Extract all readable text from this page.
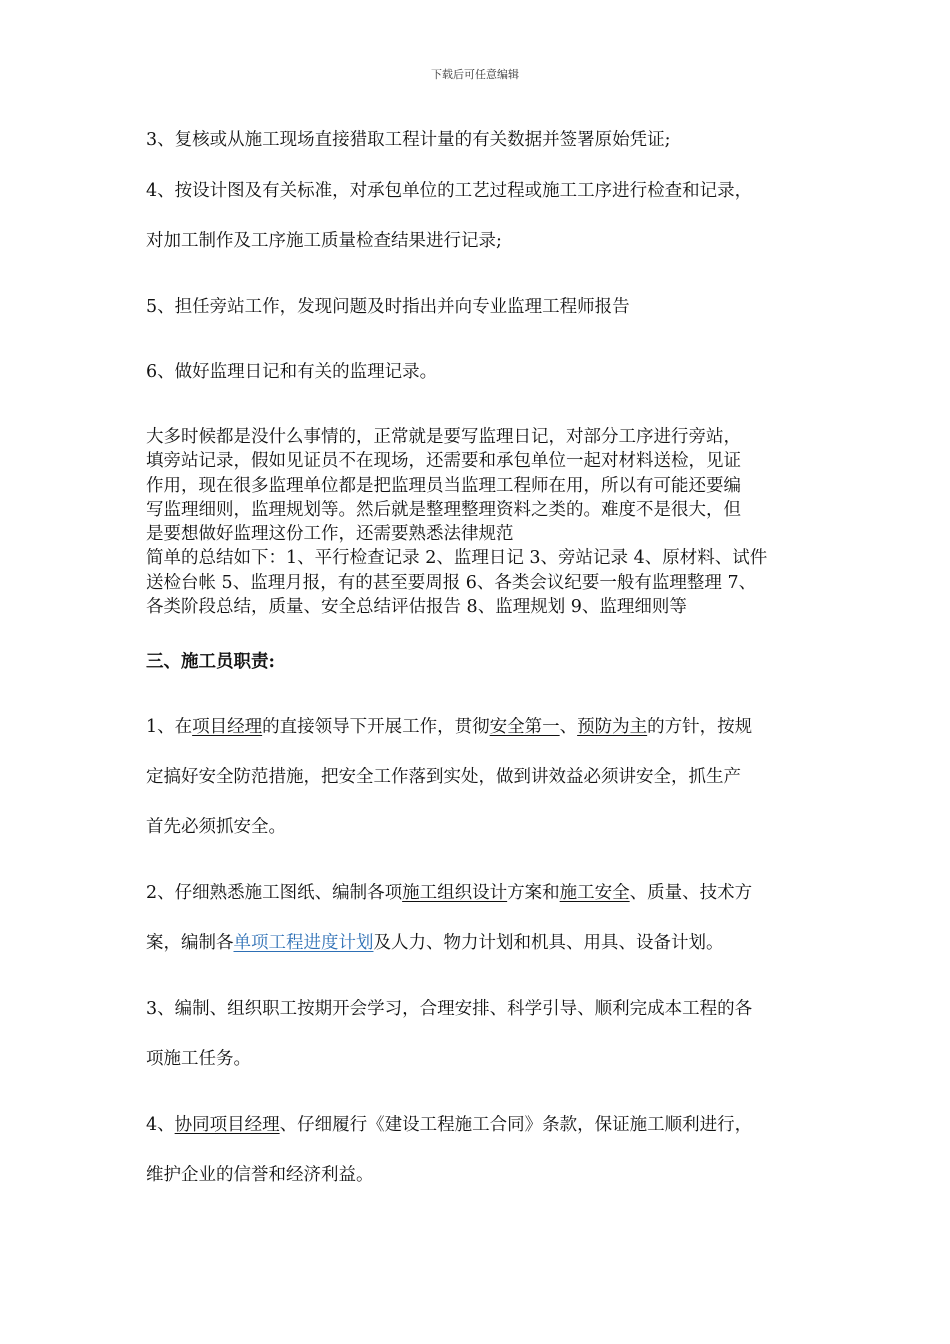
下载后可任意编辑
3、复核或从施工现场直接猎取工程计量的有关数据并签署原始凭证;
4、按设计图及有关标准，对承包单位的工艺过程或施工工序进行检查和记录，
对加工制作及工序施工质量检查结果进行记录;
5、担任旁站工作，发现问题及时指出并向专业监理工程师报告
6、做好监理日记和有关的监理记录。
大多时候都是没什么事情的，正常就是要写监理日记，对部分工序进行旁站，
填旁站记录，假如见证员不在现场，还需要和承包单位一起对材料送检，见证
作用，现在很多监理单位都是把监理员当监理工程师在用，所以有可能还要编
写监理细则，监理规划等。然后就是整理整理资料之类的。难度不是很大，但
是要想做好监理这份工作，还需要熟悉法律规范
简单的总结如下：1、平行检查记录 2、监理日记 3、旁站记录 4、原材料、试件
送检台帐 5、监理月报，有的甚至要周报 6、各类会议纪要一般有监理整理 7、
各类阶段总结，质量、安全总结评估报告 8、监理规划 9、监理细则等
三、施工员职责:
1、在项目经理的直接领导下开展工作，贯彻安全第一、预防为主的方针，按规
定搞好安全防范措施，把安全工作落到实处，做到讲效益必须讲安全，抓生产
首先必须抓安全。
2、仔细熟悉施工图纸、编制各项施工组织设计方案和施工安全、质量、技术方
案，编制各单项工程进度计划及人力、物力计划和机具、用具、设备计划。
3、编制、组织职工按期开会学习，合理安排、科学引导、顺利完成本工程的各
项施工任务。
4、协同项目经理、仔细履行《建设工程施工合同》条款，保证施工顺利进行，
维护企业的信誉和经济利益。
